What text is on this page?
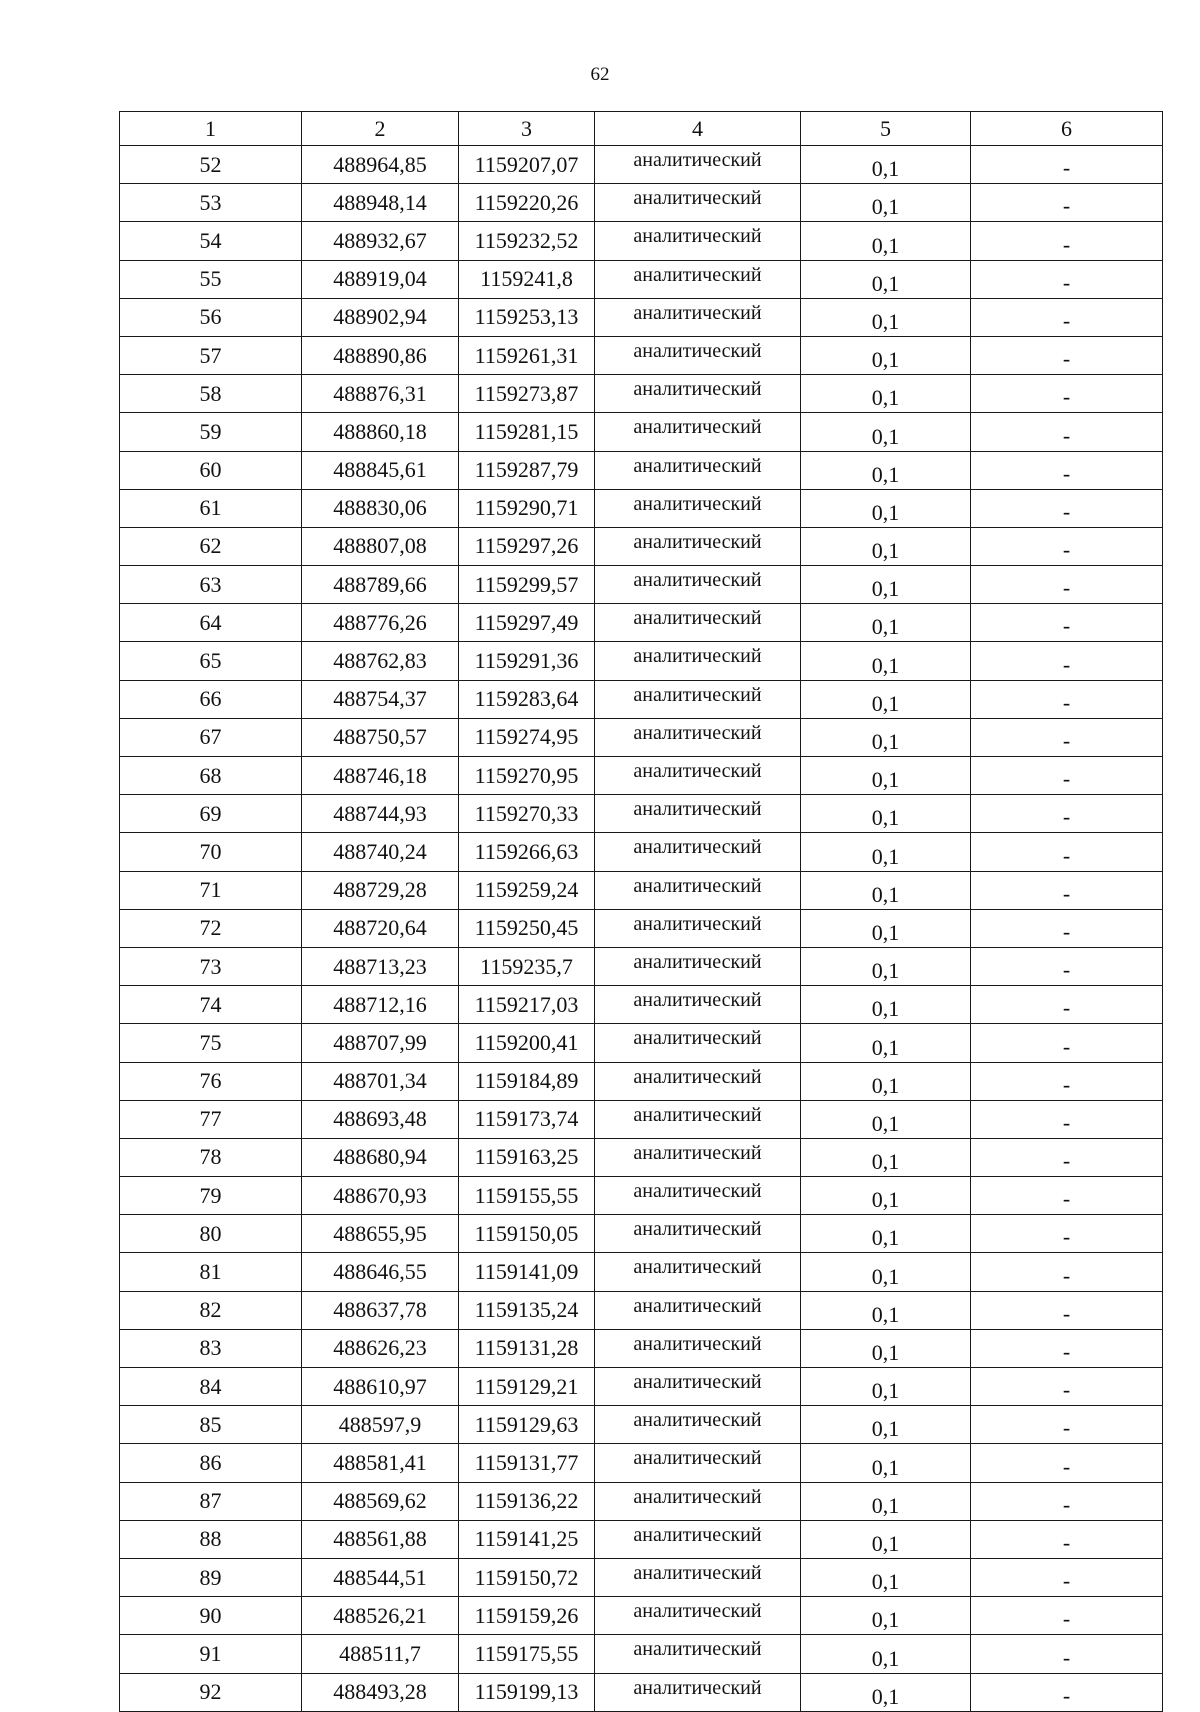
62
1	2	3	4	5	6
52	488964,85	1159207,07	аналитический	0,1	-
53	488948,14	1159220,26	аналитический	0,1	-
54	488932,67	1159232,52	аналитический	0,1	-
55	488919,04	1159241,8	аналитический	0,1	-
56	488902,94	1159253,13	аналитический	0,1	-
57	488890,86	1159261,31	аналитический	0,1	-
58	488876,31	1159273,87	аналитический	0,1	-
59	488860,18	1159281,15	аналитический	0,1	-
60	488845,61	1159287,79	аналитический	0,1	-
61	488830,06	1159290,71	аналитический	0,1	-
62	488807,08	1159297,26	аналитический	0,1	-
63	488789,66	1159299,57	аналитический	0,1	-
64	488776,26	1159297,49	аналитический	0,1	-
65	488762,83	1159291,36	аналитический	0,1	-
66	488754,37	1159283,64	аналитический	0,1	-
67	488750,57	1159274,95	аналитический	0,1	-
68	488746,18	1159270,95	аналитический	0,1	-
69	488744,93	1159270,33	аналитический	0,1	-
70	488740,24	1159266,63	аналитический	0,1	-
71	488729,28	1159259,24	аналитический	0,1	-
72	488720,64	1159250,45	аналитический	0,1	-
73	488713,23	1159235,7	аналитический	0,1	-
74	488712,16	1159217,03	аналитический	0,1	-
75	488707,99	1159200,41	аналитический	0,1	-
76	488701,34	1159184,89	аналитический	0,1	-
77	488693,48	1159173,74	аналитический	0,1	-
78	488680,94	1159163,25	аналитический	0,1	-
79	488670,93	1159155,55	аналитический	0,1	-
80	488655,95	1159150,05	аналитический	0,1	-
81	488646,55	1159141,09	аналитический	0,1	-
82	488637,78	1159135,24	аналитический	0,1	-
83	488626,23	1159131,28	аналитический	0,1	-
84	488610,97	1159129,21	аналитический	0,1	-
85	488597,9	1159129,63	аналитический	0,1	-
86	488581,41	1159131,77	аналитический	0,1	-
87	488569,62	1159136,22	аналитический	0,1	-
88	488561,88	1159141,25	аналитический	0,1	-
89	488544,51	1159150,72	аналитический	0,1	-
90	488526,21	1159159,26	аналитический	0,1	-
91	488511,7	1159175,55	аналитический	0,1	-
92	488493,28	1159199,13	аналитический	0,1	-
